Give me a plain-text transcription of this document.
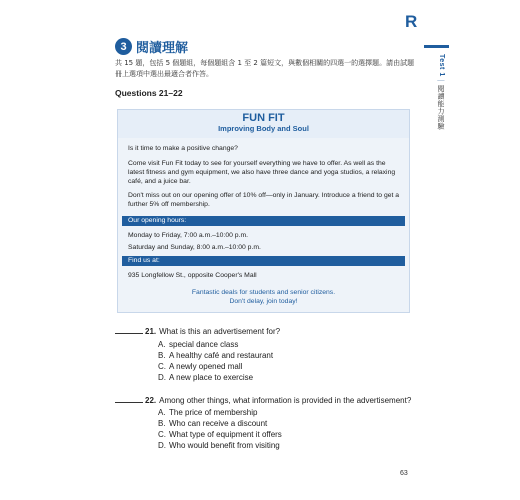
R
Test 1 | 閱讀能力測驗
3 閱讀理解
共 15 題，包括 5 個題組，每個題組含 1 至 2 篇短文，與數個相關的四選一的選擇題。請由試題冊上選項中選出最適合者作答。
Questions 21–22
FUN FIT
Improving Body and Soul
Is it time to make a positive change?
Come visit Fun Fit today to see for yourself everything we have to offer. As well as the latest fitness and gym equipment, we also have three dance and yoga studios, a relaxing café, and a juice bar.
Don't miss out on our opening offer of 10% off—only in January. Introduce a friend to get a further 5% off membership.
Our opening hours:
Monday to Friday, 7:00 a.m.–10:00 p.m.
Saturday and Sunday, 8:00 a.m.–10:00 p.m.
Find us at:
935 Longfellow St., opposite Cooper's Mall
Fantastic deals for students and senior citizens.
Don't delay, join today!
21. What is this an advertisement for?
A. special dance class
B. A healthy café and restaurant
C. A newly opened mall
D. A new place to exercise
22. Among other things, what information is provided in the advertisement?
A. The price of membership
B. Who can receive a discount
C. What type of equipment it offers
D. Who would benefit from visiting
63
